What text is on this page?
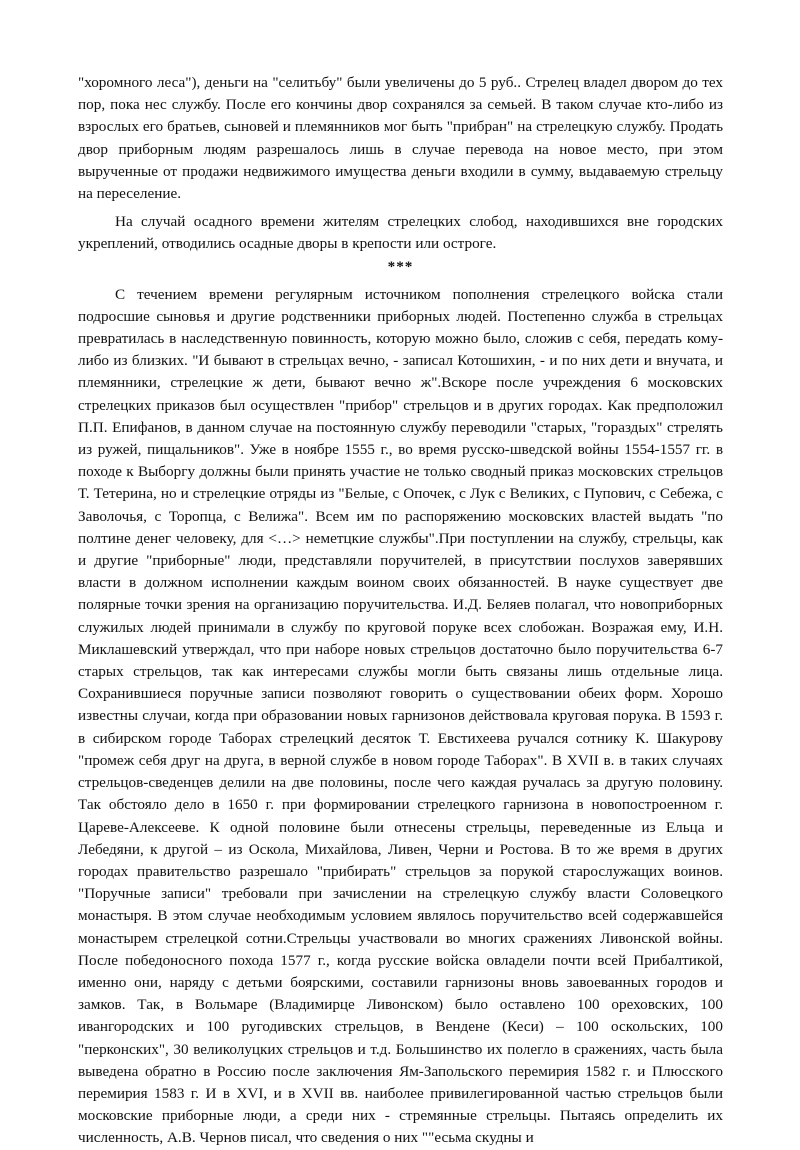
"хоромного леса"), деньги на "селитьбу" были увеличены до 5 руб.. Стрелец владел двором до тех пор, пока нес службу. После его кончины двор сохранялся за семьей. В таком случае кто-либо из взрослых его братьев, сыновей и племянников мог быть "прибран" на стрелецкую службу. Продать двор приборным людям разрешалось лишь в случае перевода на новое место, при этом вырученные от продажи недвижимого имущества деньги входили в сумму, выдаваемую стрельцу на переселение.

На случай осадного времени жителям стрелецких слобод, находившихся вне городских укреплений, отводились осадные дворы в крепости или остроге.

***

С течением времени регулярным источником пополнения стрелецкого войска стали подросшие сыновья и другие родственники приборных людей. Постепенно служба в стрельцах превратилась в наследственную повинность, которую можно было, сложив с себя, передать кому-либо из близких. "И бывают в стрельцах вечно, - записал Котошихин, - и по них дети и внучата, и племянники, стрелецкие ж дети, бывают вечно ж".Вскоре после учреждения 6 московских стрелецких приказов был осуществлен "прибор" стрельцов и в других городах. Как предположил П.П. Епифанов, в данном случае на постоянную службу переводили "старых, "гораздых" стрелять из ружей, пищальников". Уже в ноябре 1555 г., во время русско-шведской войны 1554-1557 гг. в походе к Выборгу должны были принять участие не только сводный приказ московских стрельцов Т. Тетерина, но и стрелецкие отряды из "Белые, с Опочек, с Лук с Великих, с Пупович, с Себежа, с Заволочья, с Торопца, с Велижа". Всем им по распоряжению московских властей выдать "по полтине денег человеку, для <…> неметцкие службы".При поступлении на службу, стрельцы, как и другие "приборные" люди, представляли поручителей, в присутствии послухов заверявших власти в должном исполнении каждым воином своих обязанностей. В науке существует две полярные точки зрения на организацию поручительства. И.Д. Беляев полагал, что новоприборных служилых людей принимали в службу по круговой поруке всех слобожан. Возражая ему, И.Н. Миклашевский утверждал, что при наборе новых стрельцов достаточно было поручительства 6-7 старых стрельцов, так как интересами службы могли быть связаны лишь отдельные лица. Сохранившиеся поручные записи позволяют говорить о существовании обеих форм. Хорошо известны случаи, когда при образовании новых гарнизонов действовала круговая порука. В 1593 г. в сибирском городе Таборах стрелецкий десяток Т. Евстихеева ручался сотнику К. Шакурову "промеж себя друг на друга, в верной службе в новом городе Таборах". В XVII в. в таких случаях стрельцов-сведенцев делили на две половины, после чего каждая ручалась за другую половину. Так обстояло дело в 1650 г. при формировании стрелецкого гарнизона в новопостроенном г. Цареве-Алексееве. К одной половине были отнесены стрельцы, переведенные из Ельца и Лебедяни, к другой – из Оскола, Михайлова, Ливен, Черни и Ростова. В то же время в других городах правительство разрешало "прибирать" стрельцов за порукой старослужащих воинов. "Поручные записи" требовали при зачислении на стрелецкую службу власти Соловецкого монастыря. В этом случае необходимым условием являлось поручительство всей содержавшейся монастырем стрелецкой сотни.Стрельцы участвовали во многих сражениях Ливонской войны. После победоносного похода 1577 г., когда русские войска овладели почти всей Прибалтикой, именно они, наряду с детьми боярскими, составили гарнизоны вновь завоеванных городов и замков. Так, в Вольмаре (Владимирце Ливонском) было оставлено 100 ореховских, 100 ивангородских и 100 ругодивских стрельцов, в Вендене (Кеси) – 100 оскольских, 100 "перконских", 30 великолуцких стрельцов и т.д. Большинство их полегло в сражениях, часть была выведена обратно в Россию после заключения Ям-Запольского перемирия 1582 г. и Плюсского перемирия 1583 г. И в XVI, и в XVII вв. наиболее привилегированной частью стрельцов были московские приборные люди, а среди них - стремянные стрельцы. Пытаясь определить их численность, А.В. Чернов писал, что сведения о них ""есьма скудны и
